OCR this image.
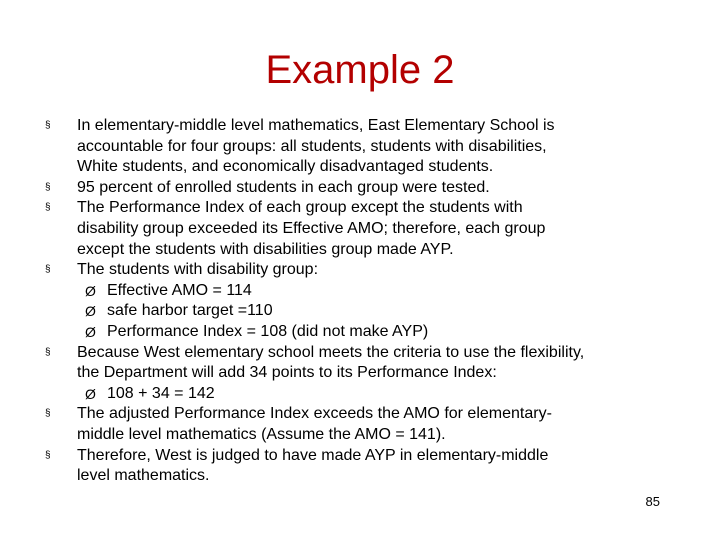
Example 2
§ In elementary-middle level mathematics, East Elementary School is
accountable for four groups: all students, students with disabilities,
White students, and economically disadvantaged students.
§ 95 percent of enrolled students in each group were tested.
§ The Performance Index of each group except the students with
disability group exceeded its Effective AMO; therefore, each group
except the students with disabilities group made AYP.
§ The students with disability group:
Ø Effective AMO = 114
Ø safe harbor target =110
Ø Performance Index = 108 (did not make AYP)
§ Because West elementary school meets the criteria to use the flexibility,
the Department will add 34 points to its Performance Index:
Ø 108 + 34 = 142
§ The adjusted Performance Index exceeds the AMO for elementary-
middle level mathematics (Assume the AMO = 141).
§ Therefore, West is judged to have made AYP in elementary-middle
level mathematics.
85
